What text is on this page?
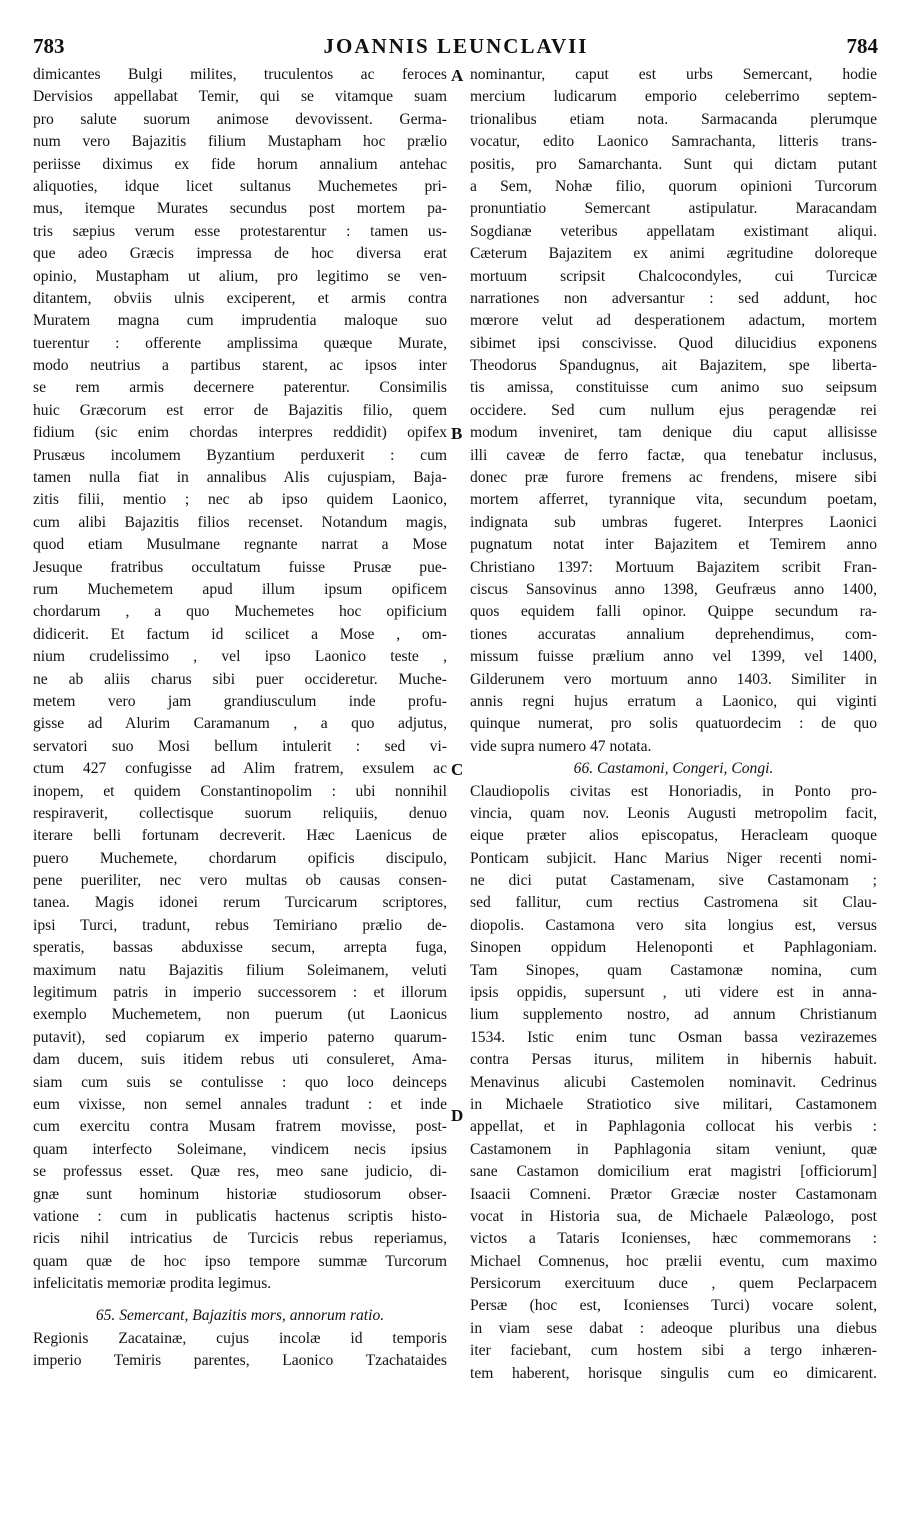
783	JOANNIS LEUNCLAVII	784
dimicantes Bulgi milites, truculentos ac feroces
Dervisios appellabat Temir, qui se vitamque suam
pro salute suorum animose devovissent. Germa-
num vero Bajazitis filium Mustapham hoc prælio
periisse diximus ex fide horum annalium antehac
aliquoties, idque licet sultanus Muchemetes pri-
mus, itemque Murates secundus post mortem pa-
tris sæpius verum esse protestarentur : tamen us-
que adeo Græcis impressa de hoc diversa erat
opinio, Mustapham ut alium, pro legitimo se ven-
ditantem, obviis ulnis exciperent, et armis contra
Muratem magna cum imprudentia maloque suo
tuerentur : offerente amplissima quæque Murate,
modo neutrius a partibus starent, ac ipsos inter
se rem armis decernere paterentur. Consimilis
huic Græcorum est error de Bajazitis filio, quem
fidium (sic enim chordas interpres reddidit) opifex
Prusæus incolumem Byzantium perduxerit : cum
tamen nulla fiat in annalibus Alis cujuspiam, Baja-
zitis filii, mentio ; nec ab ipso quidem Laonico,
cum alibi Bajazitis filios recenset. Notandum magis,
quod etiam Musulmane regnante narrat a Mose
Jesuque fratribus occultatum fuisse Prusæ pue-
rum Muchemetem apud illum ipsum opificem
chordarum , a quo Muchemetes hoc opificium
didicerit. Et factum id scilicet a Mose , om-
nium crudelissimo , vel ipso Laonico teste ,
ne ab aliis charus sibi puer occideretur. Muche-
metem vero jam grandiusculum inde profu-
gisse ad Alurim Caramanum , a quo adjutus,
servatori suo Mosi bellum intulerit : sed vi-
ctum 427 confugisse ad Alim fratrem, exsulem ac
inopem, et quidem Constantinopolim : ubi nonnihil
respiraverit, collectisque suorum reliquiis, denuo
iterare belli fortunam decreverit. Hæc Laenicus de
puero Muchemete, chordarum opificis discipulo,
pene pueriliter, nec vero multas ob causas consen-
tanea. Magis idonei rerum Turcicarum scriptores,
ipsi Turci, tradunt, rebus Temiriano prælio de-
speratis, bassas abduxisse secum, arrepta fuga,
maximum natu Bajazitis filium Soleimanem, veluti
legitimum patris in imperio successorem : et illorum
exemplo Muchemetem, non puerum (ut Laonicus
putavit), sed copiarum ex imperio paterno quarum-
dam ducem, suis itidem rebus uti consuleret, Ama-
siam cum suis se contulisse : quo loco deinceps
eum vixisse, non semel annales tradunt : et inde
cum exercitu contra Musam fratrem movisse, post-
quam interfecto Soleimane, vindicem necis ipsius
se professus esset. Quæ res, meo sane judicio, di-
gnæ sunt hominum historiæ studiosorum obser-
vatione : cum in publicatis hactenus scriptis histo-
ricis nihil intricatius de Turcicis rebus reperiamus,
quam quæ de hoc ipso tempore summæ Turcorum
infelicitatis memoriæ prodita legimus.
65. Semercant, Bajazitis mors, annorum ratio.
Regionis Zacatainæ, cujus incolæ id temporis
imperio Temiris parentes, Laonico Tzachataides
nominantur, caput est urbs Semercant, hodie
mercium ludicarum emporio celeberrimo septem-
trionalibus etiam nota. Sarmacanda plerumque
vocatur, edito Laonico Samrachanta, litteris trans-
positis, pro Samarchanta. Sunt qui dictam putant
a Sem, Nohæ filio, quorum opinioni Turcorum
pronuntiatio Semercant astipulatur. Maracandam
Sogdianæ veteribus appellatam existimant aliqui.
Cæterum Bajazitem ex animi ægritudine doloreque
mortuum scripsit Chalcocondyles, cui Turcicæ
narrationes non adversantur : sed addunt, hoc
mœrore velut ad desperationem adactum, mortem
sibimet ipsi conscivisse. Quod dilucidius exponens
Theodorus Spandugnus, ait Bajazitem, spe liberta-
tis amissa, constituisse cum animo suo seipsum
occidere. Sed cum nullum ejus peragendæ rei
modum inveniret, tam denique diu caput allisisse
illi caveæ de ferro factæ, qua tenebatur inclusus,
donec præ furore fremens ac frendens, misere sibi
mortem afferret, tyrannique vita, secundum poetam,
indignata sub umbras fugeret. Interpres Laonici
pugnatum notat inter Bajazitem et Temirem anno
Christiano 1397: Mortuum Bajazitem scribit Fran-
ciscus Sansovinus anno 1398, Geufræus anno 1400,
quos equidem falli opinor. Quippe secundum ra-
tiones accuratas annalium deprehendimus, com-
missum fuisse prælium anno vel 1399, vel 1400,
Gilderunem vero mortuum anno 1403. Similiter in
annis regni hujus erratum a Laonico, qui viginti
quinque numerat, pro solis quatuordecim : de quo
vide supra numero 47 notata.
66. Castamoni, Congeri, Congi.
Claudiopolis civitas est Honoriadis, in Ponto pro-
vincia, quam nov. Leonis Augusti metropolim facit,
eique præter alios episcopatus, Heracleam quoque
Ponticam subjicit. Hanc Marius Niger recenti nomi-
ne dici putat Castamenam, sive Castamonam ;
sed fallitur, cum rectius Castromena sit Clau-
diopolis. Castamona vero sita longius est, versus
Sinopen oppidum Helenoponti et Paphlagoniam.
Tam Sinopes, quam Castamonæ nomina, cum
ipsis oppidis, supersunt , uti videre est in anna-
lium supplemento nostro, ad annum Christianum
1534. Istic enim tunc Osman bassa vezirazemes
contra Persas iturus, militem in hibernis habuit.
Menavinus alicubi Castemolen nominavit. Cedrinus
in Michaele Stratiotico sive militari, Castamonem
appellat, et in Paphlagonia collocat his verbis :
Castamonem in Paphlagonia sitam veniunt, quæ
sane Castamon domicilium erat magistri [officiorum]
Isaacii Comneni. Prætor Græciæ noster Castamonam
vocat in Historia sua, de Michaele Palæologo, post
victos a Tataris Iconienses, hæc commemorans :
Michael Comnenus, hoc prælii eventu, cum maximo
Persicorum exercituum duce , quem Peclarpacem
Persæ (hoc est, Iconienses Turci) vocare solent,
in viam sese dabat : adeoque pluribus una diebus
iter faciebant, cum hostem sibi a tergo inhæren-
tem haberent, horisque singulis cum eo dimicarent.
A
B
C
D
